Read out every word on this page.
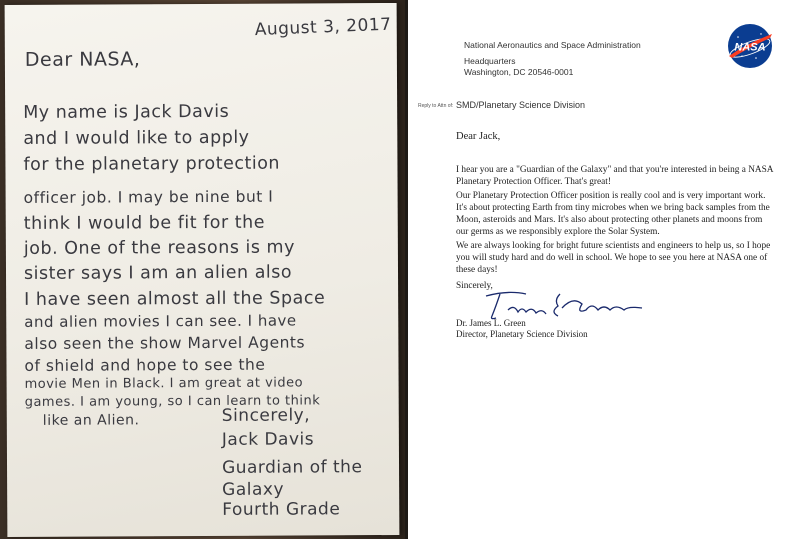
August 3, 2017
Dear NASA,
My name is Jack Davis
and I would like to apply
for the planetary protection
officer job. I may be nine but I
think I would be fit for the
job. One of the reasons is my
sister says I am an alien also
I have seen almost all the Space
and alien movies I can see. I have
also seen the show Marvel Agents
of shield and hope to see the
movie Men in Black. I am great at video
games. I am young, so I can learn to think
like an Alien.	Sincerely,
Jack Davis
Guardian of the
Galaxy
Fourth Grade
National Aeronautics and Space Administration
Headquarters
Washington, DC 20546-0001
NASA
Reply to Attn of: SMD/Planetary Science Division
Dear Jack,
I hear you are a "Guardian of the Galaxy" and that you're interested in being a NASA Planetary Protection Officer. That's great!
Our Planetary Protection Officer position is really cool and is very important work. It's about protecting Earth from tiny microbes when we bring back samples from the Moon, asteroids and Mars. It's also about protecting other planets and moons from our germs as we responsibly explore the Solar System.
We are always looking for bright future scientists and engineers to help us, so I hope you will study hard and do well in school. We hope to see you here at NASA one of these days!
Sincerely,
Dr. James L. Green
Director, Planetary Science Division
